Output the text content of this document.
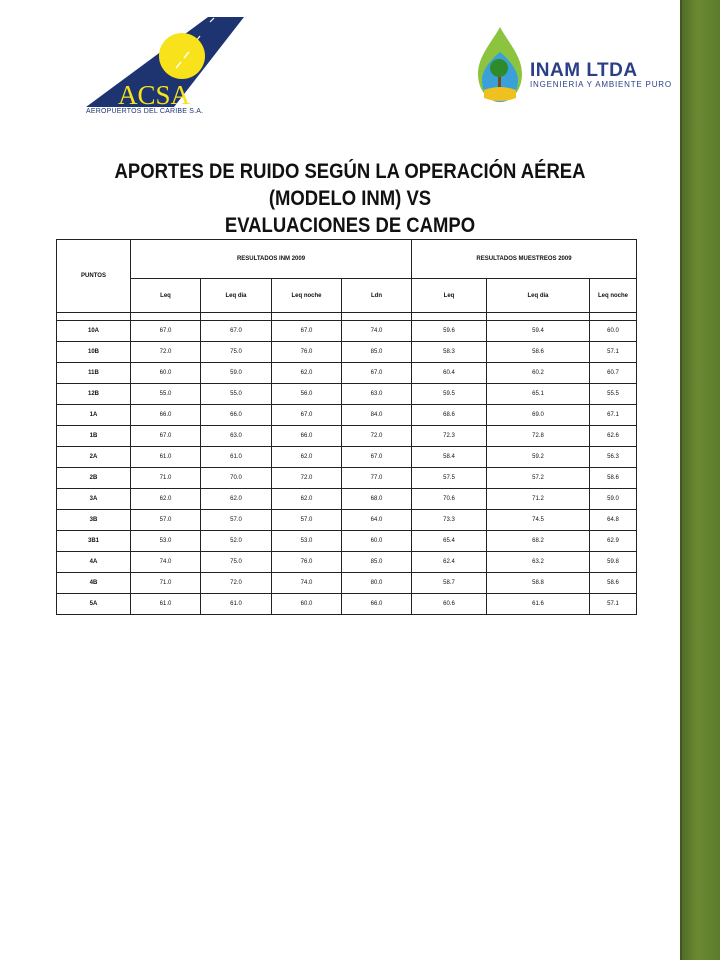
ACSA
AEROPUERTOS DEL CARIBE S.A.
INAM LTDA
INGENIERIA Y AMBIENTE PURO
APORTES DE RUIDO SEGÚN LA OPERACIÓN AÉREA (MODELO INM) VS
EVALUACIONES DE CAMPO
PUNTOS	RESULTADOS INM 2009				RESULTADOS MUESTREOS 2009		
	Leq	Leq día	Leq noche	Ldn	Leq	Leq día	Leq noche

10A	67.0	67.0	67.0	74.0	59.6	59.4	60.0
10B	72.0	75.0	76.0	85.0	58.3	58.6	57.1
11B	60.0	59.0	62.0	67.0	60.4	60.2	60.7
12B	55.0	55.0	56.0	63.0	59.5	65.1	55.5
1A	66.0	66.0	67.0	84.0	68.6	69.0	67.1
1B	67.0	63.0	66.0	72.0	72.3	72.8	62.6
2A	61.0	61.0	62.0	67.0	58.4	59.2	56.3
2B	71.0	70.0	72.0	77.0	57.5	57.2	58.6
3A	62.0	62.0	62.0	68.0	70.6	71.2	59.0
3B	57.0	57.0	57.0	64.0	73.3	74.5	64.8
3B1	53.0	52.0	53.0	60.0	65.4	68.2	62.9
4A	74.0	75.0	76.0	85.0	62.4	63.2	59.8
4B	71.0	72.0	74.0	80.0	58.7	58.8	58.6
5A	61.0	61.0	60.0	66.0	60.6	61.6	57.1
